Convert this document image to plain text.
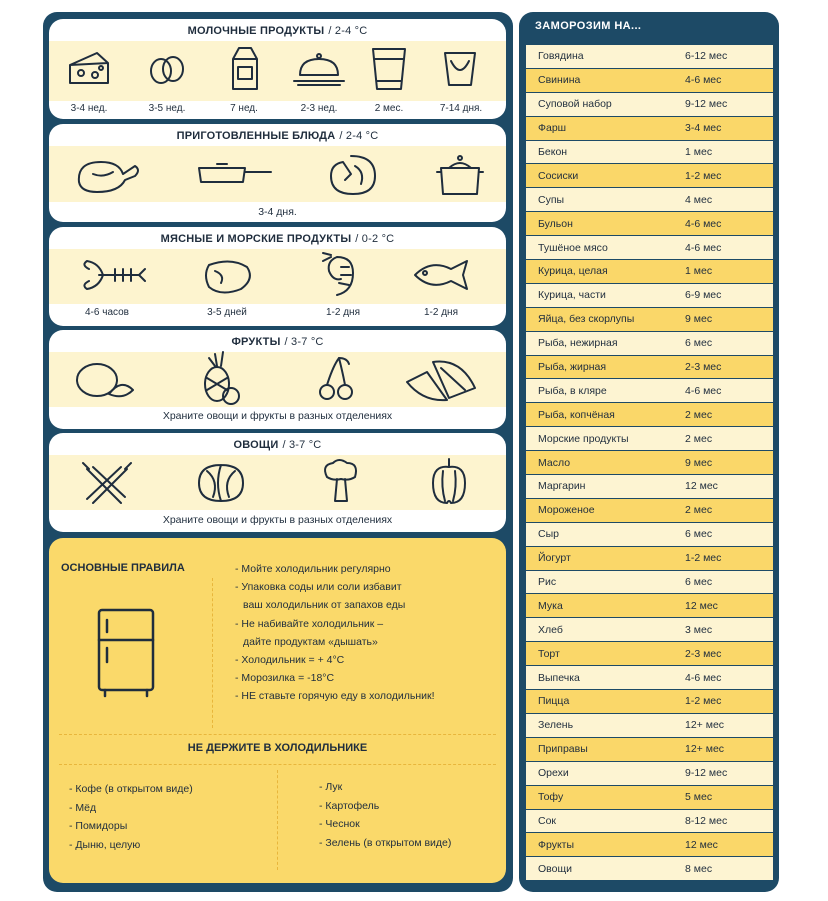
МОЛОЧНЫЕ ПРОДУКТЫ / 2-4 °C
3-4 нед.	3-5 нед.	7 нед.	2-3 нед.	2 мес.	7-14 дня.
ПРИГОТОВЛЕННЫЕ БЛЮДА / 2-4 °C
3-4 дня.
МЯСНЫЕ И МОРСКИЕ ПРОДУКТЫ / 0-2 °C
4-6 часов	3-5 дней	1-2 дня	1-2 дня
ФРУКТЫ / 3-7 °C
Храните овощи и фрукты в разных отделениях
ОВОЩИ / 3-7 °C
Храните овощи и фрукты в разных отделениях
ОСНОВНЫЕ ПРАВИЛА	- Мойте холодильник регулярно
- Упаковка соды или соли избавит
ваш холодильник от запахов еды
- Не набивайте холодильник –
дайте продуктам «дышать»
- Холодильник = + 4°C
- Морозилка = -18°C
- НЕ ставьте горячую еду в холодильник!
НЕ ДЕРЖИТЕ В ХОЛОДИЛЬНИКЕ
- Кофе (в открытом виде)
- Мёд
- Помидоры
- Дыню, целую
- Лук
- Картофель
- Чеснок
- Зелень (в открытом виде)
ЗАМОРОЗИМ НА...
Говядина	6-12 мес
Свинина	4-6 мес
Суповой набор	9-12 мес
Фарш	3-4 мес
Бекон	1 мес
Сосиски	1-2 мес
Супы	4 мес
Бульон	4-6 мес
Тушёное мясо	4-6 мес
Курица, целая	1 мес
Курица, части	6-9 мес
Яйца, без скорлупы	9 мес
Рыба, нежирная	6 мес
Рыба, жирная	2-3 мес
Рыба, в кляре	4-6 мес
Рыба, копчёная	2 мес
Морские продукты	2 мес
Масло	9 мес
Маргарин	12 мес
Мороженое	2 мес
Сыр	6 мес
Йогурт	1-2 мес
Рис	6 мес
Мука	12 мес
Хлеб	3 мес
Торт	2-3 мес
Выпечка	4-6 мес
Пицца	1-2 мес
Зелень	12+ мес
Приправы	12+ мес
Орехи	9-12 мес
Тофу	5 мес
Сок	8-12 мес
Фрукты	12 мес
Овощи	8 мес
